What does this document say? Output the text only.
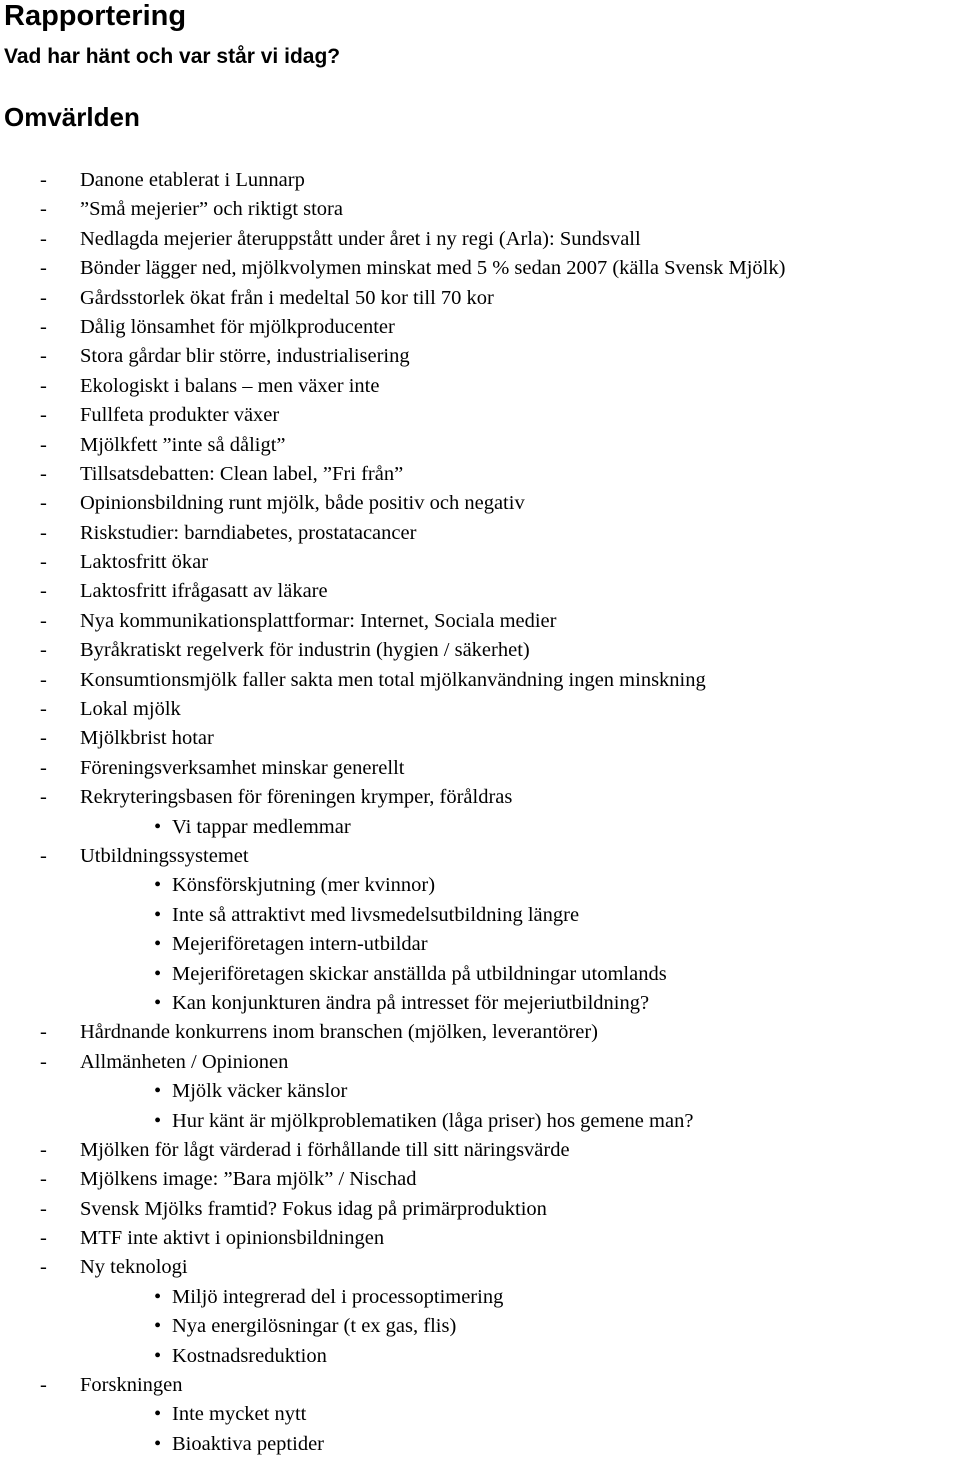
Rapportering
Vad har hänt och var står vi idag?
Omvärlden
- Danone etablerat i Lunnarp
- ”Små mejerier” och riktigt stora
- Nedlagda mejerier återuppstått under året i ny regi (Arla): Sundsvall
- Bönder lägger ned, mjölkvolymen minskat med 5 % sedan 2007 (källa Svensk Mjölk)
- Gårdsstorlek ökat från i medeltal 50 kor till 70 kor
- Dålig lönsamhet för mjölkproducenter
- Stora gårdar blir större, industrialisering
- Ekologiskt i balans – men växer inte
- Fullfeta produkter växer
- Mjölkfett ”inte så dåligt”
- Tillsatsdebatten: Clean label, ”Fri från”
- Opinionsbildning runt mjölk, både positiv och negativ
- Riskstudier: barndiabetes, prostatacancer
- Laktosfritt ökar
- Laktosfritt ifrågasatt av läkare
- Nya kommunikationsplattformar: Internet, Sociala medier
- Byråkratiskt regelverk för industrin (hygien / säkerhet)
- Konsumtionsmjölk faller sakta men total mjölkanvändning ingen minskning
- Lokal mjölk
- Mjölkbrist hotar
- Föreningsverksamhet minskar generellt
- Rekryteringsbasen för föreningen krymper, föråldras
• Vi tappar medlemmar
- Utbildningssystemet
• Könsförskjutning (mer kvinnor)
• Inte så attraktivt med livsmedelsutbildning längre
• Mejeriföretagen intern-utbildar
• Mejeriföretagen skickar anställda på utbildningar utomlands
• Kan konjunkturen ändra på intresset för mejeriutbildning?
- Hårdnande konkurrens inom branschen (mjölken, leverantörer)
- Allmänheten / Opinionen
• Mjölk väcker känslor
• Hur känt är mjölkproblematiken (låga priser) hos gemene man?
- Mjölken för lågt värderad i förhållande till sitt näringsvärde
- Mjölkens image: ”Bara mjölk” / Nischad
- Svensk Mjölks framtid? Fokus idag på primärproduktion
- MTF inte aktivt i opinionsbildningen
- Ny teknologi
• Miljö integrerad del i processoptimering
• Nya energilösningar (t ex gas, flis)
• Kostnadsreduktion
- Forskningen
• Inte mycket nytt
• Bioaktiva peptider
